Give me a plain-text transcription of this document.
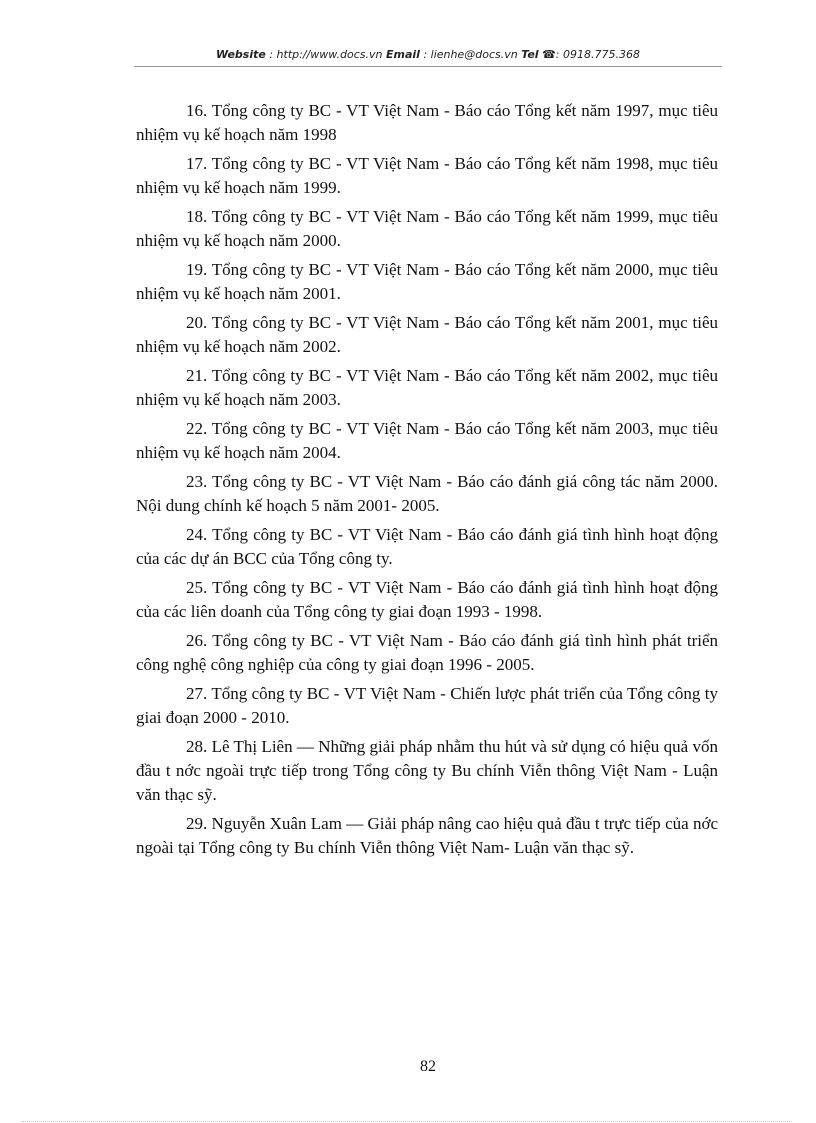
Website : http://www.docs.vn Email : lienhe@docs.vn Tel ☎: 0918.775.368

16. Tổng công ty BC - VT Việt Nam - Báo cáo Tổng kết năm 1997, mục tiêu nhiệm vụ kế hoạch năm 1998

17. Tổng công ty BC - VT Việt Nam - Báo cáo Tổng kết năm 1998, mục tiêu nhiệm vụ kế hoạch năm 1999.

18. Tổng công ty BC - VT Việt Nam - Báo cáo Tổng kết năm 1999, mục tiêu nhiệm vụ kế hoạch năm 2000.

19. Tổng công ty BC - VT Việt Nam - Báo cáo Tổng kết năm 2000, mục tiêu nhiệm vụ kế hoạch năm 2001.

20. Tổng công ty BC - VT Việt Nam - Báo cáo Tổng kết năm 2001, mục tiêu nhiệm vụ kế hoạch năm 2002.

21. Tổng công ty BC - VT Việt Nam - Báo cáo Tổng kết năm 2002, mục tiêu nhiệm vụ kế hoạch năm 2003.

22. Tổng công ty BC - VT Việt Nam - Báo cáo Tổng kết năm 2003, mục tiêu nhiệm vụ kế hoạch năm 2004.

23. Tổng công ty BC - VT Việt Nam - Báo cáo đánh giá công tác năm 2000. Nội dung chính kế hoạch 5 năm 2001- 2005.

24. Tổng công ty BC - VT Việt Nam - Báo cáo đánh giá tình hình hoạt động của các dự án BCC của Tổng công ty.

25. Tổng công ty BC - VT Việt Nam - Báo cáo đánh giá tình hình hoạt động của các liên doanh của Tổng công ty giai đoạn 1993 - 1998.

26. Tổng công ty BC - VT Việt Nam - Báo cáo đánh giá tình hình phát triển công nghệ công nghiệp của công ty giai đoạn 1996 - 2005.

27. Tổng công ty BC - VT Việt Nam - Chiến lược phát triển của Tổng công ty giai đoạn 2000 - 2010.

28. Lê Thị Liên — Những giải pháp nhằm thu hút và sử dụng có hiệu quả vốn đầu t nớc ngoài trực tiếp trong Tổng công ty Bu chính Viễn thông Việt Nam - Luận văn thạc sỹ.

29. Nguyễn Xuân Lam — Giải pháp nâng cao hiệu quả đầu t trực tiếp của nớc ngoài tại Tổng công ty Bu chính Viễn thông Việt Nam- Luận văn thạc sỹ.

82
